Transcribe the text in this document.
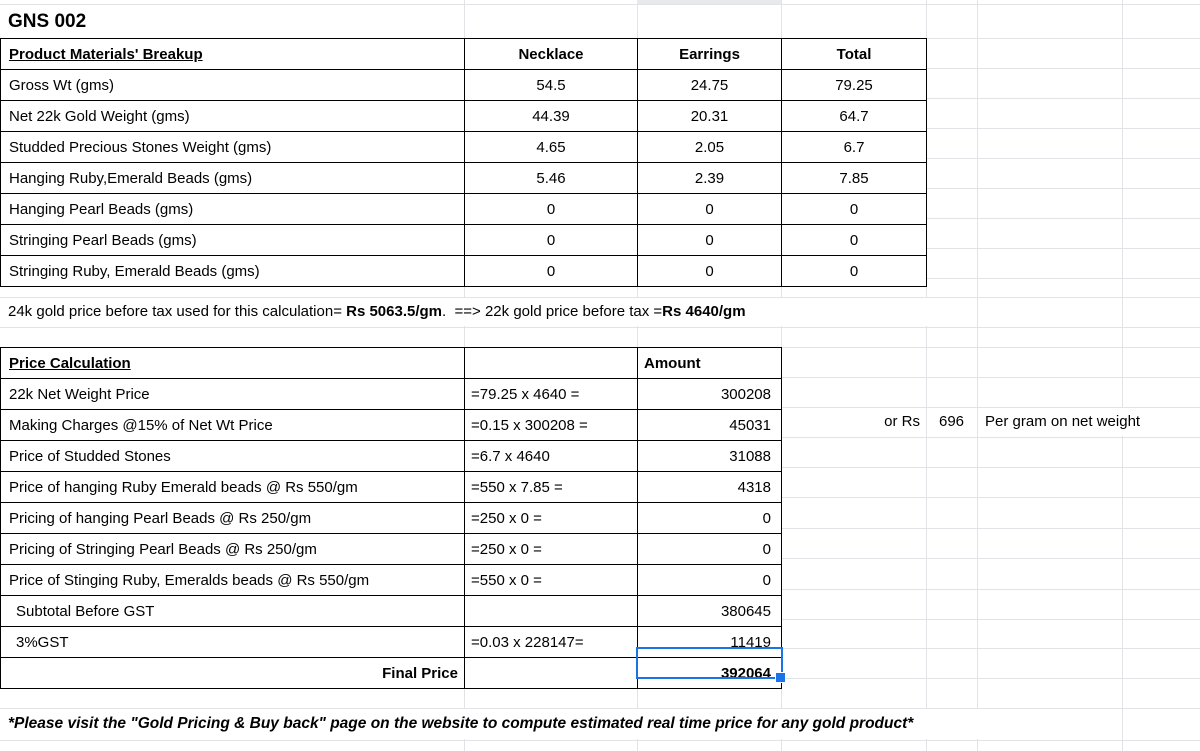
GNS 002
Product Materials' Breakup	Necklace	Earrings	Total
Gross Wt (gms)	54.5	24.75	79.25
Net 22k Gold Weight (gms)	44.39	20.31	64.7
Studded Precious Stones Weight (gms)	4.65	2.05	6.7
Hanging Ruby,Emerald Beads (gms)	5.46	2.39	7.85
Hanging Pearl Beads (gms)	0	0	0
Stringing Pearl Beads (gms)	0	0	0
Stringing Ruby, Emerald Beads (gms)	0	0	0
24k gold price before tax used for this calculation= Rs 5063.5/gm.  ==> 22k gold price before tax =Rs 4640/gm
Price Calculation		Amount
22k Net Weight Price	=79.25 x 4640 =	300208
Making Charges @15% of Net Wt Price	=0.15 x 300208 =	45031
Price of Studded Stones	=6.7 x 4640	31088
Price of hanging Ruby Emerald beads @ Rs 550/gm	=550 x 7.85 =	4318
Pricing of hanging Pearl Beads @ Rs 250/gm	=250 x 0 =	0
Pricing of Stringing Pearl Beads @ Rs 250/gm	=250 x 0 =	0
Price of Stinging Ruby, Emeralds beads @ Rs 550/gm	=550 x 0 =	0
Subtotal Before GST		380645
3%GST	=0.03 x 228147=	11419
Final Price		392064
or Rs	696	Per gram on net weight
*Please visit the "Gold Pricing & Buy back" page on the website to compute estimated real time price for any gold product*
